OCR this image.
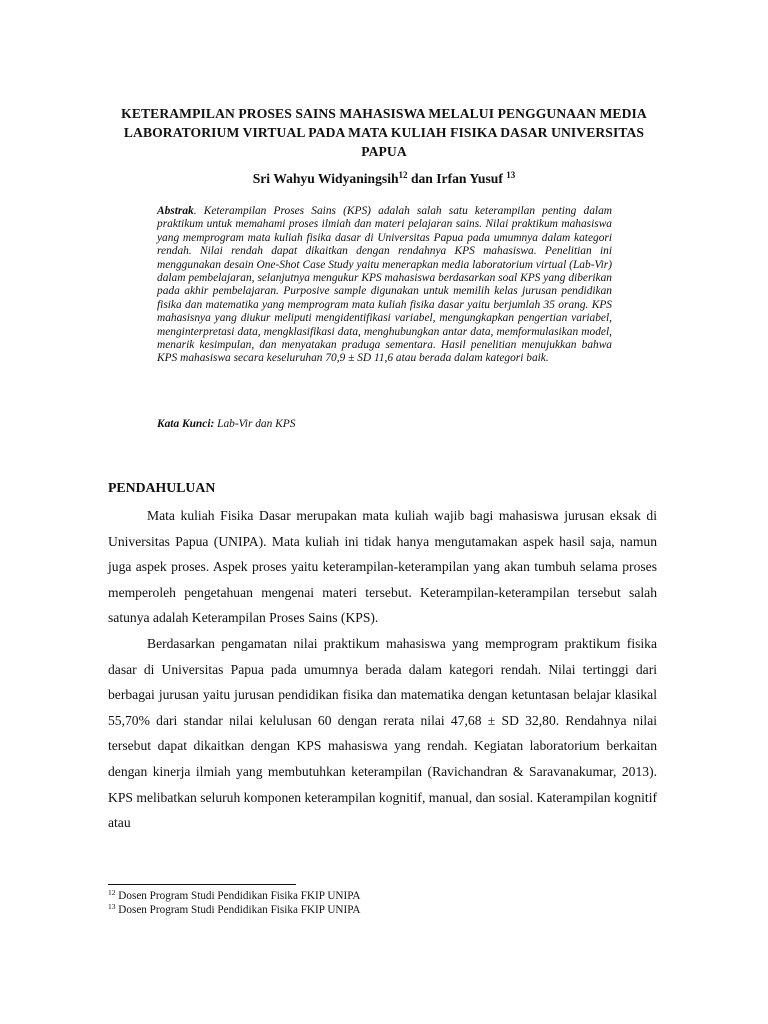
KETERAMPILAN PROSES SAINS MAHASISWA MELALUI PENGGUNAAN MEDIA LABORATORIUM VIRTUAL PADA MATA KULIAH FISIKA DASAR UNIVERSITAS PAPUA
Sri Wahyu Widyaningsih$^{12}$ dan Irfan Yusuf $^{13}$
Abstrak. Keterampilan Proses Sains (KPS) adalah salah satu keterampilan penting dalam praktikum untuk memahami proses ilmiah dan materi pelajaran sains. Nilai praktikum mahasiswa yang memprogram mata kuliah fisika dasar di Universitas Papua pada umumnya dalam kategori rendah. Nilai rendah dapat dikaitkan dengan rendahnya KPS mahasiswa. Penelitian ini menggunakan desain One-Shot Case Study yaitu menerapkan media laboratorium virtual (Lab-Vir) dalam pembelajaran, selanjutnya mengukur KPS mahasiswa berdasarkan soal KPS yang diberikan pada akhir pembelajaran. Purposive sample digunakan untuk memilih kelas jurusan pendidikan fisika dan matematika yang memprogram mata kuliah fisika dasar yaitu berjumlah 35 orang. KPS mahasisnya yang diukur meliputi mengidentifikasi variabel, mengungkapkan pengertian variabel, menginterpretasi data, mengklasifikasi data, menghubungkan antar data, memformulasikan model, menarik kesimpulan, dan menyatakan praduga sementara. Hasil penelitian menujukkan bahwa KPS mahasiswa secara keseluruhan 70,9 ± SD 11,6 atau berada dalam kategori baik.
Kata Kunci: Lab-Vir dan KPS
PENDAHULUAN

Mata kuliah Fisika Dasar merupakan mata kuliah wajib bagi mahasiswa jurusan eksak di Universitas Papua (UNIPA). Mata kuliah ini tidak hanya mengutamakan aspek hasil saja, namun juga aspek proses. Aspek proses yaitu keterampilan-keterampilan yang akan tumbuh selama proses memperoleh pengetahuan mengenai materi tersebut. Keterampilan-keterampilan tersebut salah satunya adalah Keterampilan Proses Sains (KPS).

Berdasarkan pengamatan nilai praktikum mahasiswa yang memprogram praktikum fisika dasar di Universitas Papua pada umumnya berada dalam kategori rendah. Nilai tertinggi dari berbagai jurusan yaitu jurusan pendidikan fisika dan matematika dengan ketuntasan belajar klasikal 55,70% dari standar nilai kelulusan 60 dengan rerata nilai 47,68 ± SD 32,80. Rendahnya nilai tersebut dapat dikaitkan dengan KPS mahasiswa yang rendah. Kegiatan laboratorium berkaitan dengan kinerja ilmiah yang membutuhkan keterampilan (Ravichandran & Saravanakumar, 2013). KPS melibatkan seluruh komponen keterampilan kognitif, manual, dan sosial. Katerampilan kognitif atau

$^{12}$ Dosen Program Studi Pendidikan Fisika FKIP UNIPA
$^{13}$ Dosen Program Studi Pendidikan Fisika FKIP UNIPA
